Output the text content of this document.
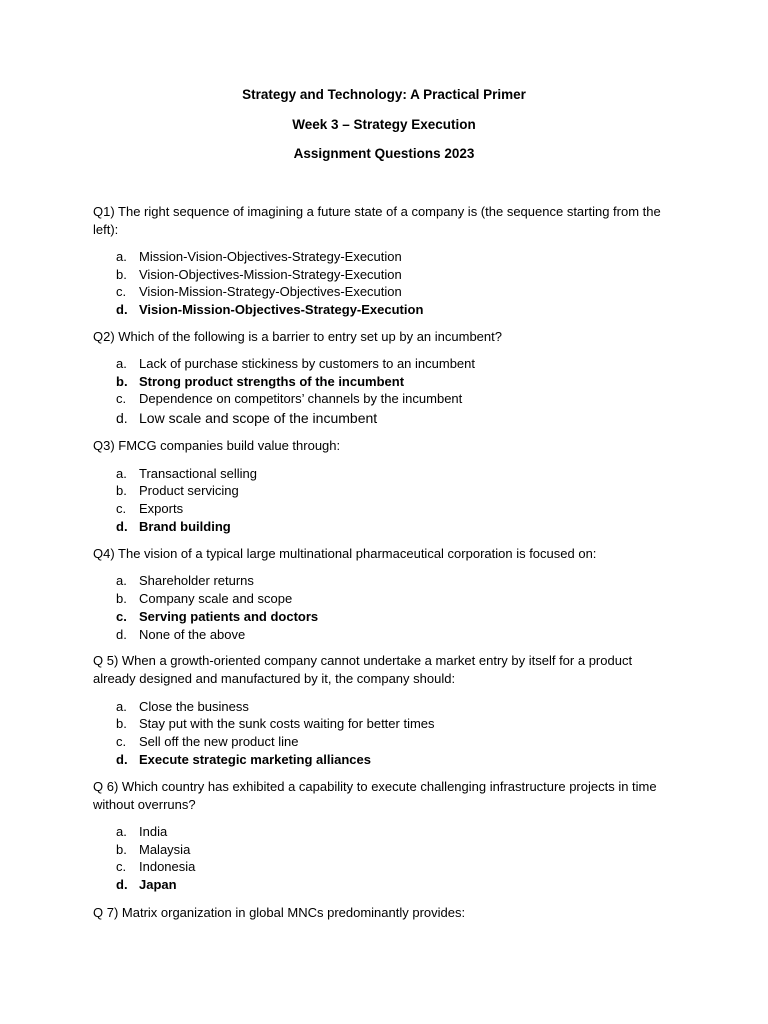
Strategy and Technology: A Practical Primer
Week 3 – Strategy Execution
Assignment Questions 2023
Q1) The right sequence of imagining a future state of a company is (the sequence starting from the left):
a. Mission-Vision-Objectives-Strategy-Execution
b. Vision-Objectives-Mission-Strategy-Execution
c. Vision-Mission-Strategy-Objectives-Execution
d. Vision-Mission-Objectives-Strategy-Execution
Q2) Which of the following is a barrier to entry set up by an incumbent?
a. Lack of purchase stickiness by customers to an incumbent
b. Strong product strengths of the incumbent
c. Dependence on competitors’ channels by the incumbent
d. Low scale and scope of the incumbent
Q3) FMCG companies build value through:
a. Transactional selling
b. Product servicing
c. Exports
d. Brand building
Q4) The vision of a typical large multinational pharmaceutical corporation is focused on:
a. Shareholder returns
b. Company scale and scope
c. Serving patients and doctors
d. None of the above
Q 5) When a growth-oriented company cannot undertake a market entry by itself for a product already designed and manufactured by it, the company should:
a. Close the business
b. Stay put with the sunk costs waiting for better times
c. Sell off the new product line
d. Execute strategic marketing alliances
Q 6) Which country has exhibited a capability to execute challenging infrastructure projects in time without overruns?
a. India
b. Malaysia
c. Indonesia
d. Japan
Q 7) Matrix organization in global MNCs predominantly provides:
